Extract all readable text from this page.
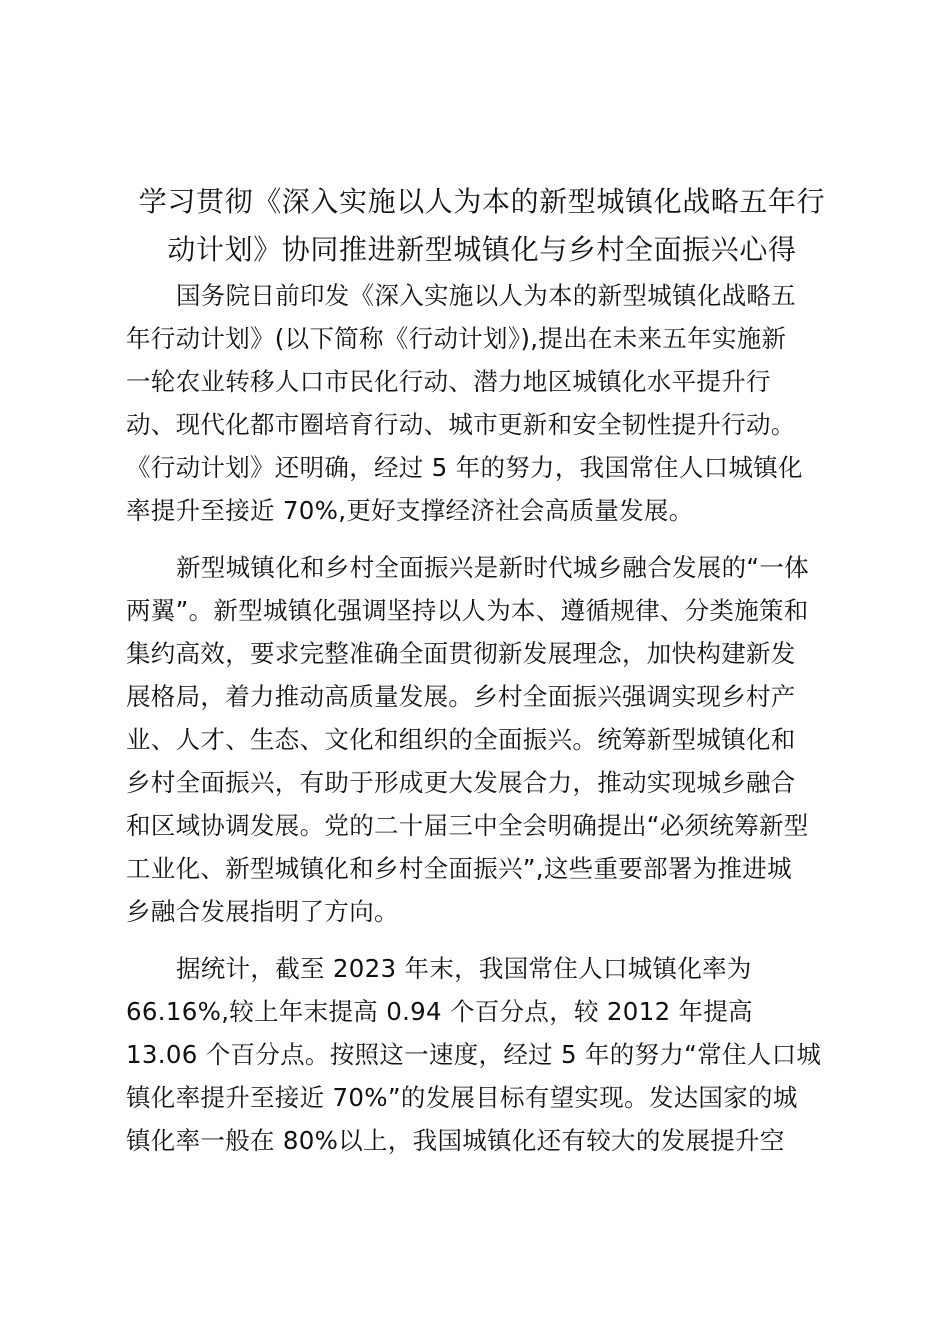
学习贯彻《深入实施以人为本的新型城镇化战略五年行
动计划》协同推进新型城镇化与乡村全面振兴心得
国务院日前印发《深入实施以人为本的新型城镇化战略五
年行动计划》(以下简称《行动计划》),提出在未来五年实施新
一轮农业转移人口市民化行动、潜力地区城镇化水平提升行
动、现代化都市圈培育行动、城市更新和安全韧性提升行动。
《行动计划》还明确，经过 5 年的努力，我国常住人口城镇化
率提升至接近 70%,更好支撑经济社会高质量发展。
新型城镇化和乡村全面振兴是新时代城乡融合发展的“一体
两翼”。新型城镇化强调坚持以人为本、遵循规律、分类施策和
集约高效，要求完整准确全面贯彻新发展理念，加快构建新发
展格局，着力推动高质量发展。乡村全面振兴强调实现乡村产
业、人才、生态、文化和组织的全面振兴。统筹新型城镇化和
乡村全面振兴，有助于形成更大发展合力，推动实现城乡融合
和区域协调发展。党的二十届三中全会明确提出“必须统筹新型
工业化、新型城镇化和乡村全面振兴”,这些重要部署为推进城
乡融合发展指明了方向。
据统计，截至 2023 年末，我国常住人口城镇化率为
66.16%,较上年末提高 0.94 个百分点，较 2012 年提高
13.06 个百分点。按照这一速度，经过 5 年的努力“常住人口城
镇化率提升至接近 70%”的发展目标有望实现。发达国家的城
镇化率一般在 80%以上，我国城镇化还有较大的发展提升空
